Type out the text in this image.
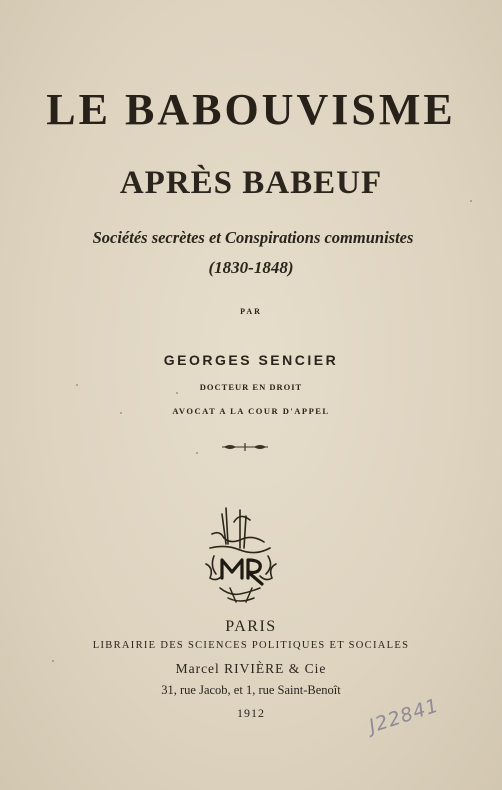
LE BABOUVISME
APRÈS BABEUF
Sociétés secrètes et Conspirations communistes
(1830-1848)
PAR
GEORGES SENCIER
DOCTEUR EN DROIT
AVOCAT A LA COUR D'APPEL
PARIS
LIBRAIRIE DES SCIENCES POLITIQUES ET SOCIALES
Marcel RIVIÈRE & Cie
31, rue Jacob, et 1, rue Saint-Benoît
1912	J22841
